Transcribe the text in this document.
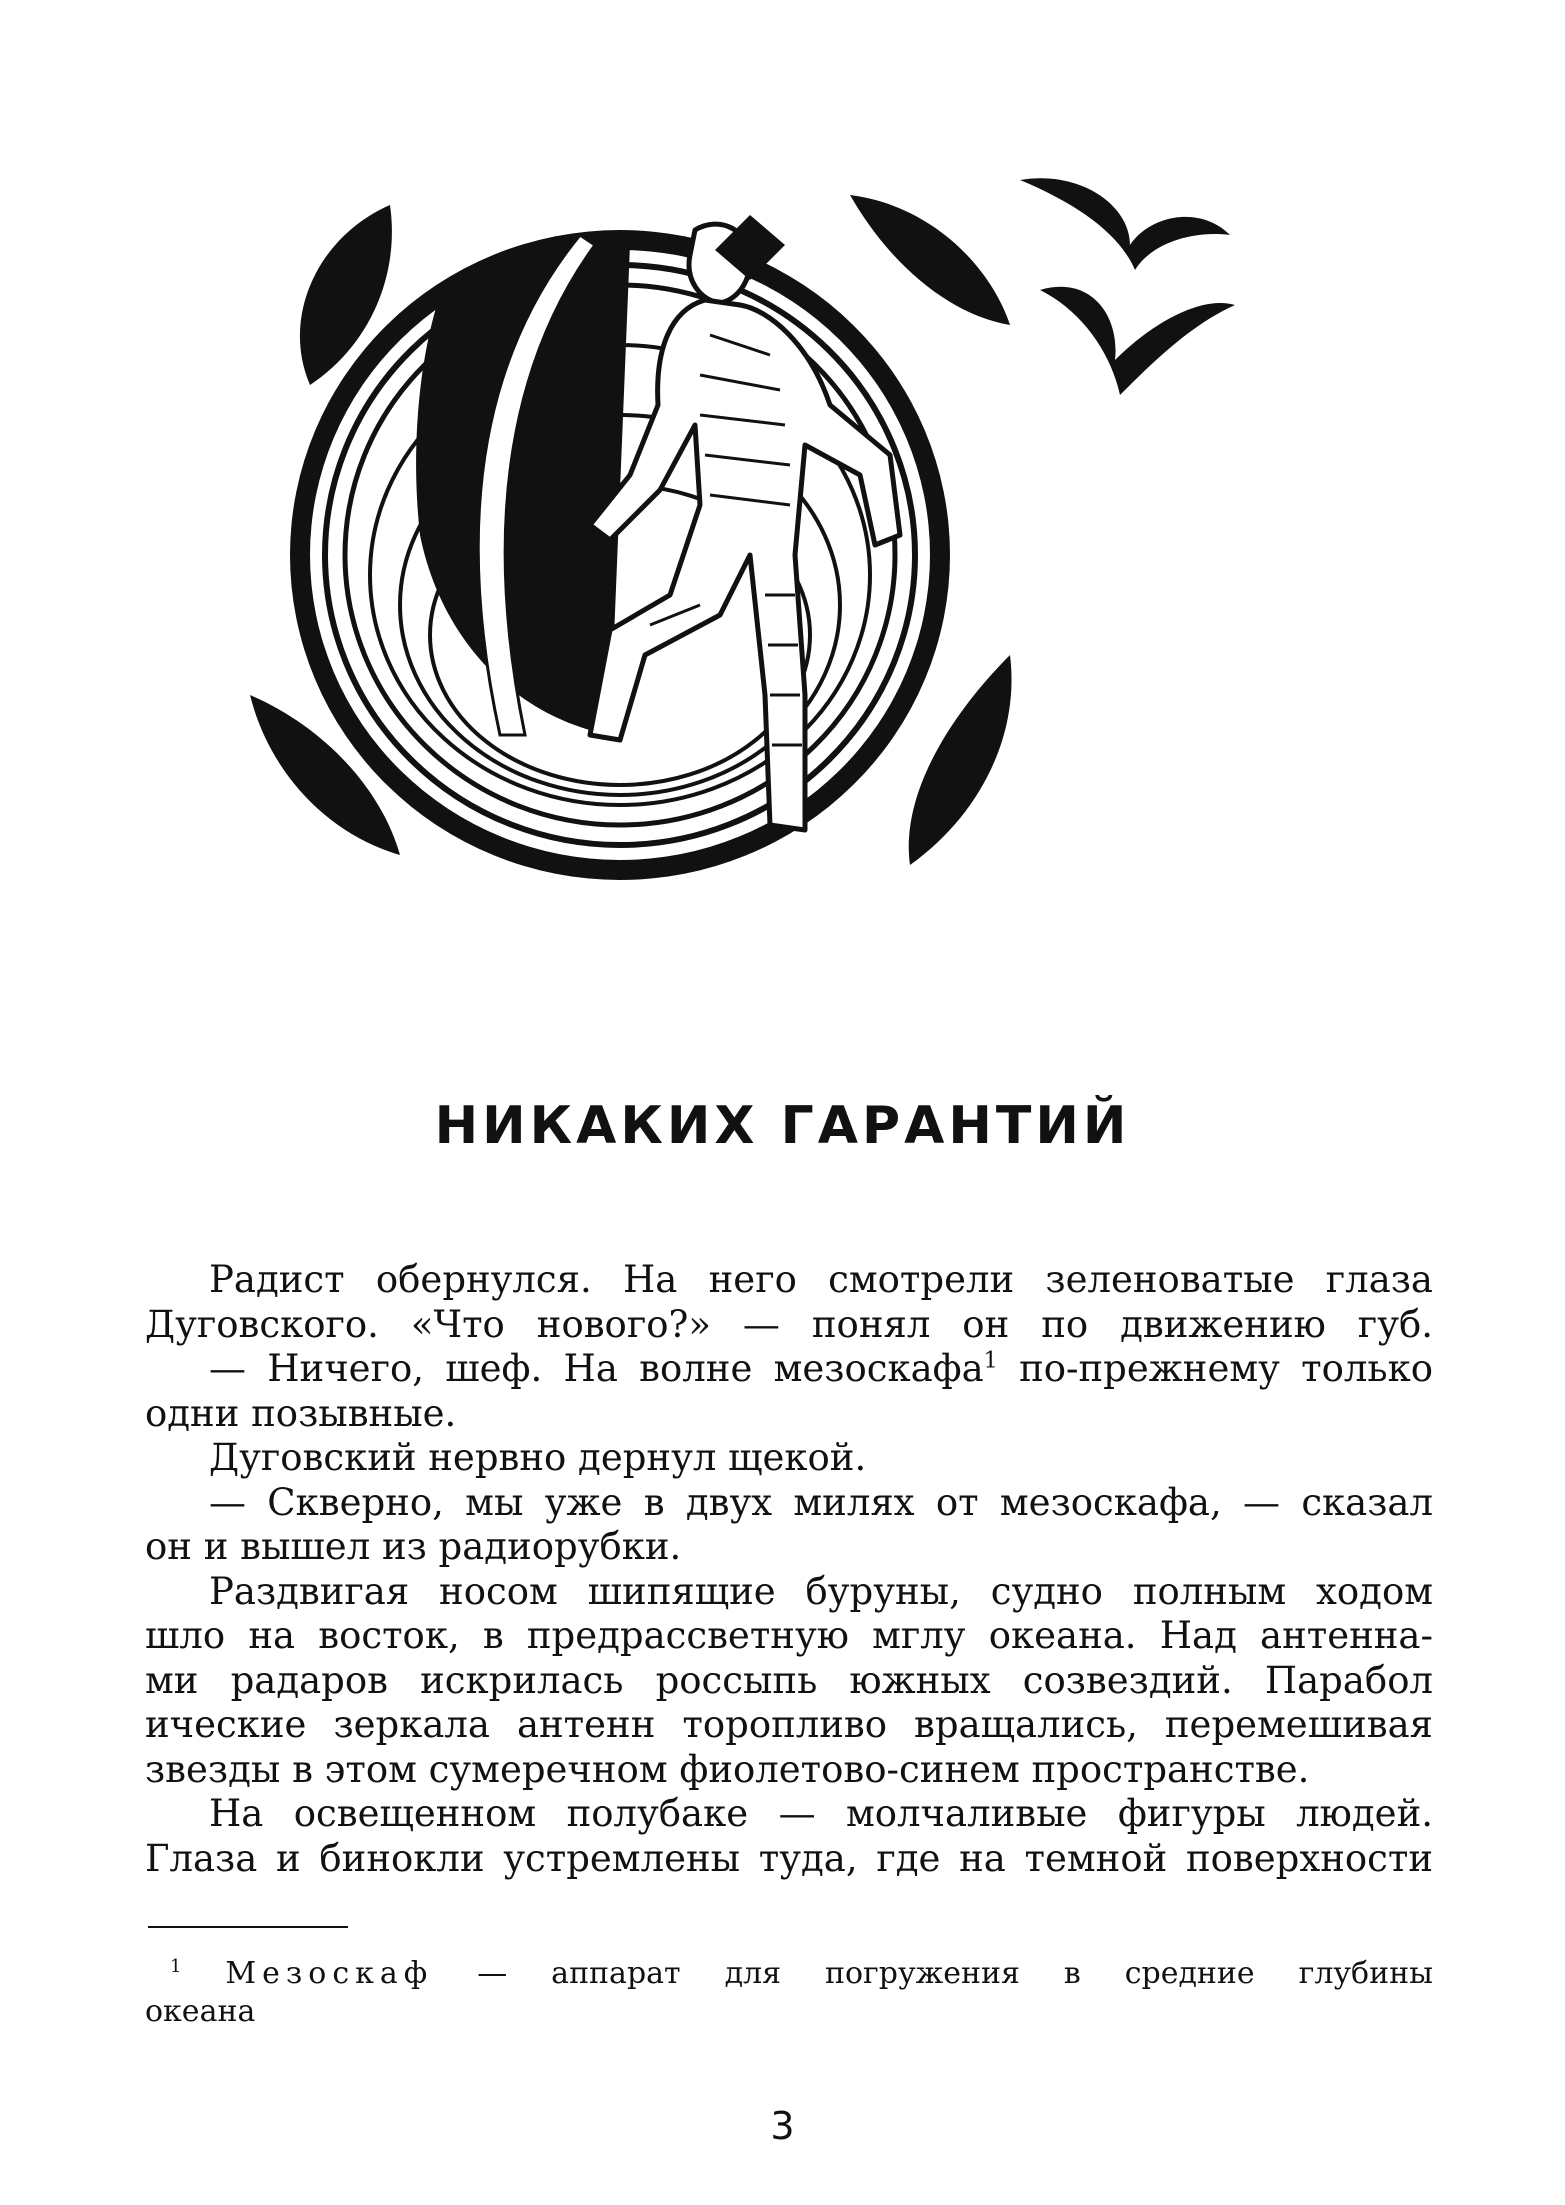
НИКАКИХ ГАРАНТИЙ
Радист обернулся. На него смотрели зеленоватые глаза
Дуговского. «Что нового?» — понял он по движению губ.
— Ничего, шеф. На волне мезоскафа$^1$ по-прежнему только
одни позывные.
Дуговский нервно дернул щекой.
— Скверно, мы уже в двух милях от мезоскафа, — сказал
он и вышел из радиорубки.
Раздвигая носом шипящие буруны, судно полным ходом
шло на восток, в предрассветную мглу океана. Над антенна-
ми радаров искрилась россыпь южных созвездий. Парабол
ические зеркала антенн торопливо вращались, перемешивая
звезды в этом сумеречном фиолетово-синем пространстве.
На освещенном полубаке — молчаливые фигуры людей.
Глаза и бинокли устремлены туда, где на темной поверхности
$^1$ Мезоскаф — аппарат для погружения в средние глубины
океана
3
